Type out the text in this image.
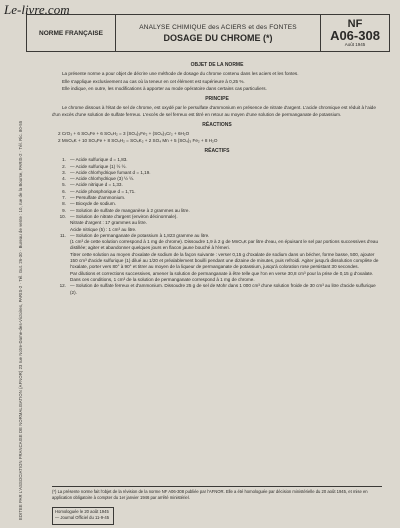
Le-livre.com
EDITEE PAR L'ASSOCIATION FRANCAISE DE NORMALISATION (AFNOR) 23 rue Notre-Dame-des-Victoires, PARIS-2 · Tél. Gut. 26-30 · Bureau de vente : 10, rue de la Bourse, PARIS-2 · Tél. Ric. 80-55
NORME FRANÇAISE
ANALYSE CHIMIQUE des ACIERS et des FONTES
DOSAGE DU CHROME (*)
NF
A06-308
Août 1945
OBJET DE LA NORME
La présente norme a pour objet de décrire une méthode de dosage du chrome contenu dans les aciers et les fontes.
Elle s'applique exclusivement au cas où la teneur en cet élément est supérieure à 0,25 %.
Elle indique, en outre, les modifications à apporter au mode opératoire dans certains cas particuliers.
PRINCIPE
Le chrome dissous à l'état de sel de chrome, est oxydé par le persulfate d'ammonium en présence de nitrate d'argent. L'acide chromique est réduit à l'aide d'un excès d'une solution de sulfate ferreux. L'excès de sel ferreux est titré en retour au moyen d'une solution de permanganate de potassium.
RÉACTIONS
2 CrO₃ + 6 SO₄Fe + 6 SO₄H₂ = 3 (SO₄)₃Fe₂ + (SO₄)₃Cr₂ + 6H₂O
2 MnO₄K + 10 SO₄Fe + 8 SO₄H₂ = SO₄K₂ + 2 SO₄ Mn + 5 (SO₄)₃ Fe₂ + 8 H₂O
RÉACTIFS
1. — Acide sulfurique d = 1,83.
2. — Acide sulfurique (1) ½ ½.
3. — Acide chlorhydrique fumant d = 1,19.
4. — Acide chlorhydrique (3) ½ ½.
5. — Acide nitrique d = 1,33.
6. — Acide phosphorique d = 1,71.
7. — Persulfate d'ammonium.
8. — Bioxyde de sodium.
9. — Solution de sulfate de manganèse à 2 grammes au litre.
10. — Solution de nitrate d'argent (environ décinormale).
Nitrate d'argent : 17 grammes au litre.
Acide nitrique (5) : 1 cm³ au litre.
11. — Solution de permanganate de potassium à 1,823 gramme au litre.
(1 cm³ de cette solution correspond à 1 mg de chrome). Dissoudre 1,9 à 2 g de MnO₄K par litre d'eau, en épuisant le sel par portions successives d'eau distillée; agiter et abandonner quelques jours en flacon jaune bouché à l'émeri.
Titrer cette solution au moyen d'oxalate de sodium de la façon suivante : verser 0,15 g d'oxalate de sodium dans un bécher, forme basse, 500, ajouter 150 cm³ d'acide sulfurique (1) dilué au 1/20 et préalablement bouilli pendant une dizaine de minutes, puis refroidi. Agiter jusqu'à dissolution complète de l'oxalate, porter vers 80° à 90° et titrer au moyen de la liqueur de permanganate de potassium, jusqu'à coloration rose persistant 30 secondes.
Par dilutions et corrections successives, amener la solution de permanganate à être telle que l'on en verse 30,8 cm³ pour la prise de 0,15 g d'oxalate. Dans ces conditions, 1 cm³ de la solution de permanganate correspond à 1 mg de chrome.
12. — Solution de sulfate ferreux et d'ammonium. Dissoudre 25 g de sel de Mohr dans 1 000 cm³ d'une solution froide de 30 cm³ au litre d'acide sulfurique (2).
(*) La présente norme fait l'objet de la révision de la norme NF A06-308 publiée par l'AFNOR. Elle a été homologuée par décision ministérielle du 20 août 1945, et mise en application obligatoire à compter du 1er janvier 1946 par arrêté ministériel.
Homologuée le 20 août 1945 — Journal Officiel du 11-9-45
